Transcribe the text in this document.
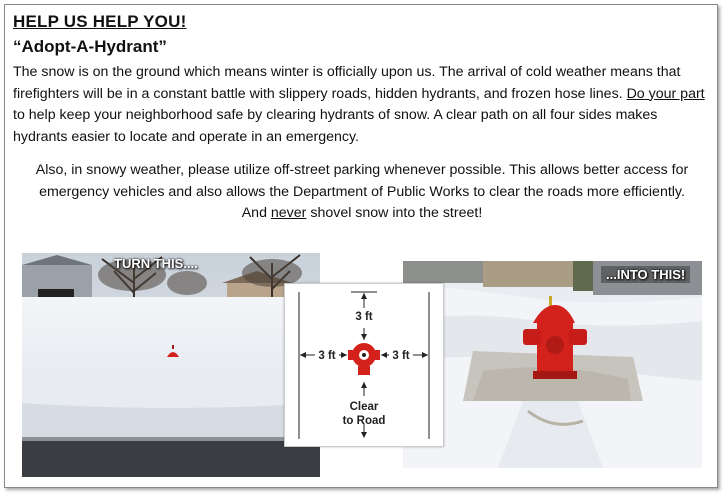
HELP US HELP YOU!
“Adopt-A-Hydrant”
The snow is on the ground which means winter is officially upon us. The arrival of cold weather means that firefighters will be in a constant battle with slippery roads, hidden hydrants, and frozen hose lines. Do your part to help keep your neighborhood safe by clearing hydrants of snow. A clear path on all four sides makes hydrants easier to locate and operate in an emergency.
Also, in snowy weather, please utilize off-street parking whenever possible. This allows better access for emergency vehicles and also allows the Department of Public Works to clear the roads more efficiently.
And never shovel snow into the street!
TURN THIS....
...INTO THIS!
3 ft
3 ft	3 ft
Clear
to Road
